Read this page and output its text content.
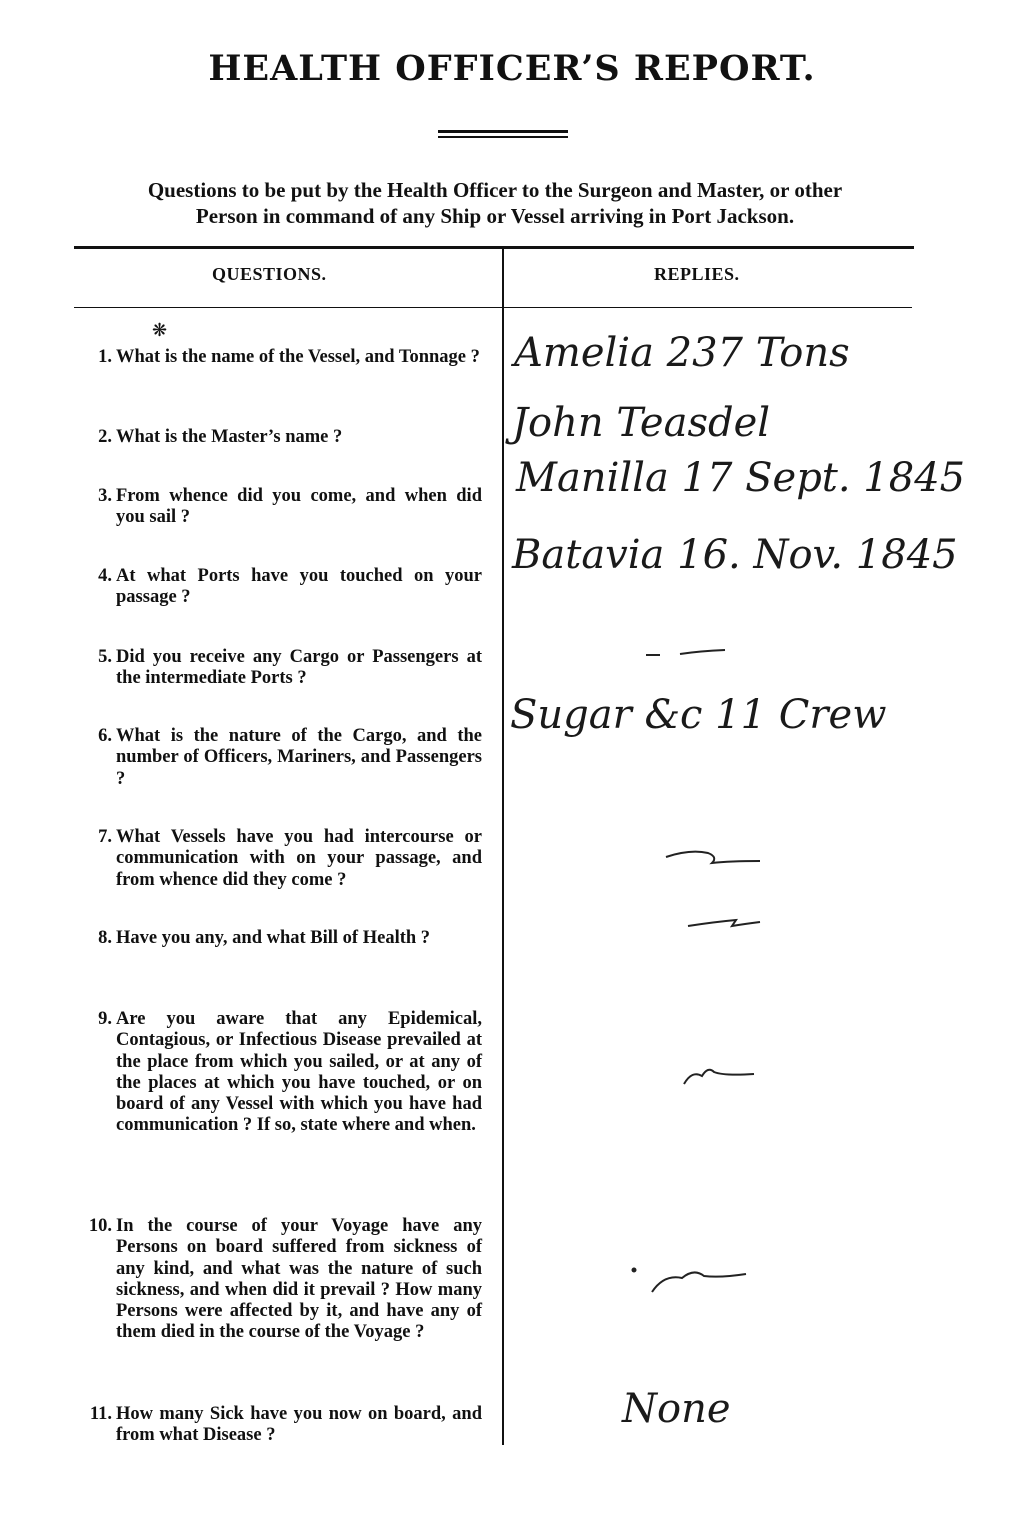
HEALTH OFFICER’S REPORT.
Questions to be put by the Health Officer to the Surgeon and Master, or other
Person in command of any Ship or Vessel arriving in Port Jackson.
QUESTIONS.	REPLIES.
❋
1. What is the name of the Vessel, and Tonnage ?
2. What is the Master’s name ?
3. From whence did you come, and when did you sail ?
4. At what Ports have you touched on your passage ?
5. Did you receive any Cargo or Passengers at the intermediate Ports ?
6. What is the nature of the Cargo, and the number of Officers, Mariners, and Passengers ?
7. What Vessels have you had intercourse or communication with on your passage, and from whence did they come ?
8. Have you any, and what Bill of Health ?
9. Are you aware that any Epidemical, Contagious, or Infectious Disease prevailed at the place from which you sailed, or at any of the places at which you have touched, or on board of any Vessel with which you have had communication ? If so, state where and when.
10. In the course of your Voyage have any Persons on board suffered from sickness of any kind, and what was the nature of such sickness, and when did it prevail ? How many Persons were affected by it, and have any of them died in the course of the Voyage ?
11. How many Sick have you now on board, and from what Disease ?
Amelia 237 Tons
John Teasdel
Manilla 17 Sept. 1845
Batavia 16. Nov. 1845
Sugar &c 11 Crew
None
